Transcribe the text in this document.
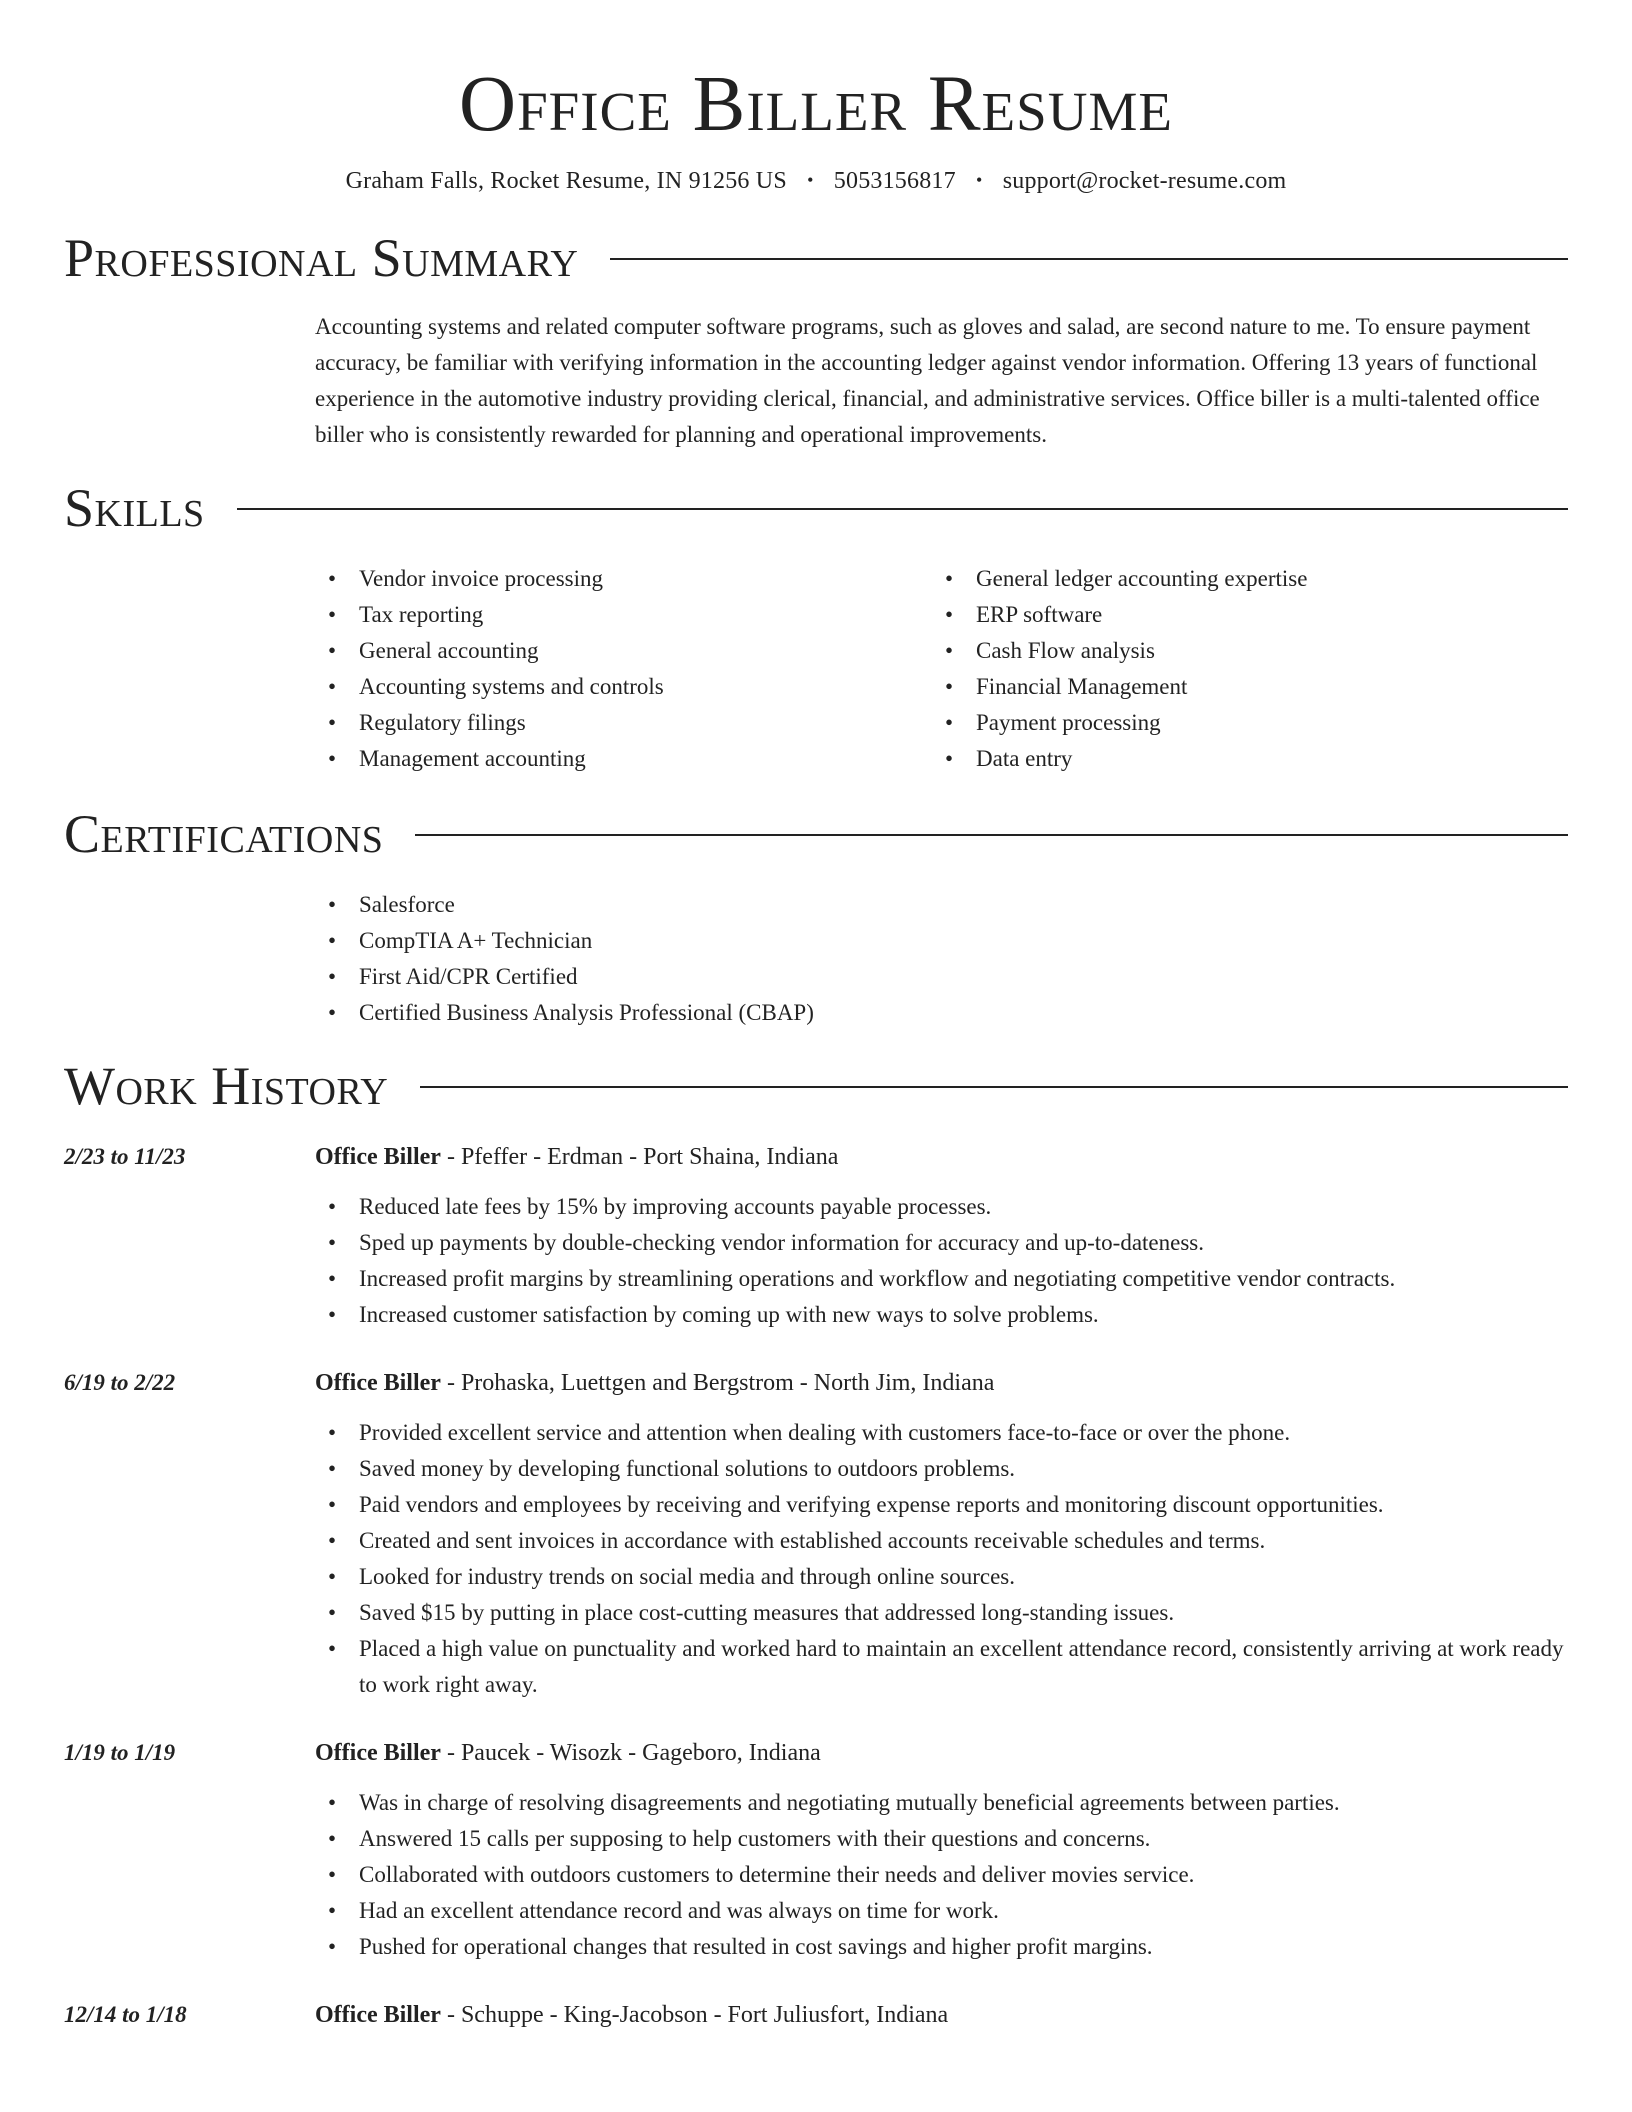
Office Biller Resume
Graham Falls, Rocket Resume, IN 91256 US • 5053156817 • support@rocket-resume.com
Professional Summary
Accounting systems and related computer software programs, such as gloves and salad, are second nature to me. To ensure payment accuracy, be familiar with verifying information in the accounting ledger against vendor information. Offering 13 years of functional experience in the automotive industry providing clerical, financial, and administrative services. Office biller is a multi-talented office biller who is consistently rewarded for planning and operational improvements.
Skills
• Vendor invoice processing
• Tax reporting
• General accounting
• Accounting systems and controls
• Regulatory filings
• Management accounting
• General ledger accounting expertise
• ERP software
• Cash Flow analysis
• Financial Management
• Payment processing
• Data entry
Certifications
• Salesforce
• CompTIA A+ Technician
• First Aid/CPR Certified
• Certified Business Analysis Professional (CBAP)
Work History
2/23 to 11/23	Office Biller - Pfeffer - Erdman - Port Shaina, Indiana
• Reduced late fees by 15% by improving accounts payable processes.
• Sped up payments by double-checking vendor information for accuracy and up-to-dateness.
• Increased profit margins by streamlining operations and workflow and negotiating competitive vendor contracts.
• Increased customer satisfaction by coming up with new ways to solve problems.
6/19 to 2/22	Office Biller - Prohaska, Luettgen and Bergstrom - North Jim, Indiana
• Provided excellent service and attention when dealing with customers face-to-face or over the phone.
• Saved money by developing functional solutions to outdoors problems.
• Paid vendors and employees by receiving and verifying expense reports and monitoring discount opportunities.
• Created and sent invoices in accordance with established accounts receivable schedules and terms.
• Looked for industry trends on social media and through online sources.
• Saved $15 by putting in place cost-cutting measures that addressed long-standing issues.
• Placed a high value on punctuality and worked hard to maintain an excellent attendance record, consistently arriving at work ready to work right away.
1/19 to 1/19	Office Biller - Paucek - Wisozk - Gageboro, Indiana
• Was in charge of resolving disagreements and negotiating mutually beneficial agreements between parties.
• Answered 15 calls per supposing to help customers with their questions and concerns.
• Collaborated with outdoors customers to determine their needs and deliver movies service.
• Had an excellent attendance record and was always on time for work.
• Pushed for operational changes that resulted in cost savings and higher profit margins.
12/14 to 1/18	Office Biller - Schuppe - King-Jacobson - Fort Juliusfort, Indiana
